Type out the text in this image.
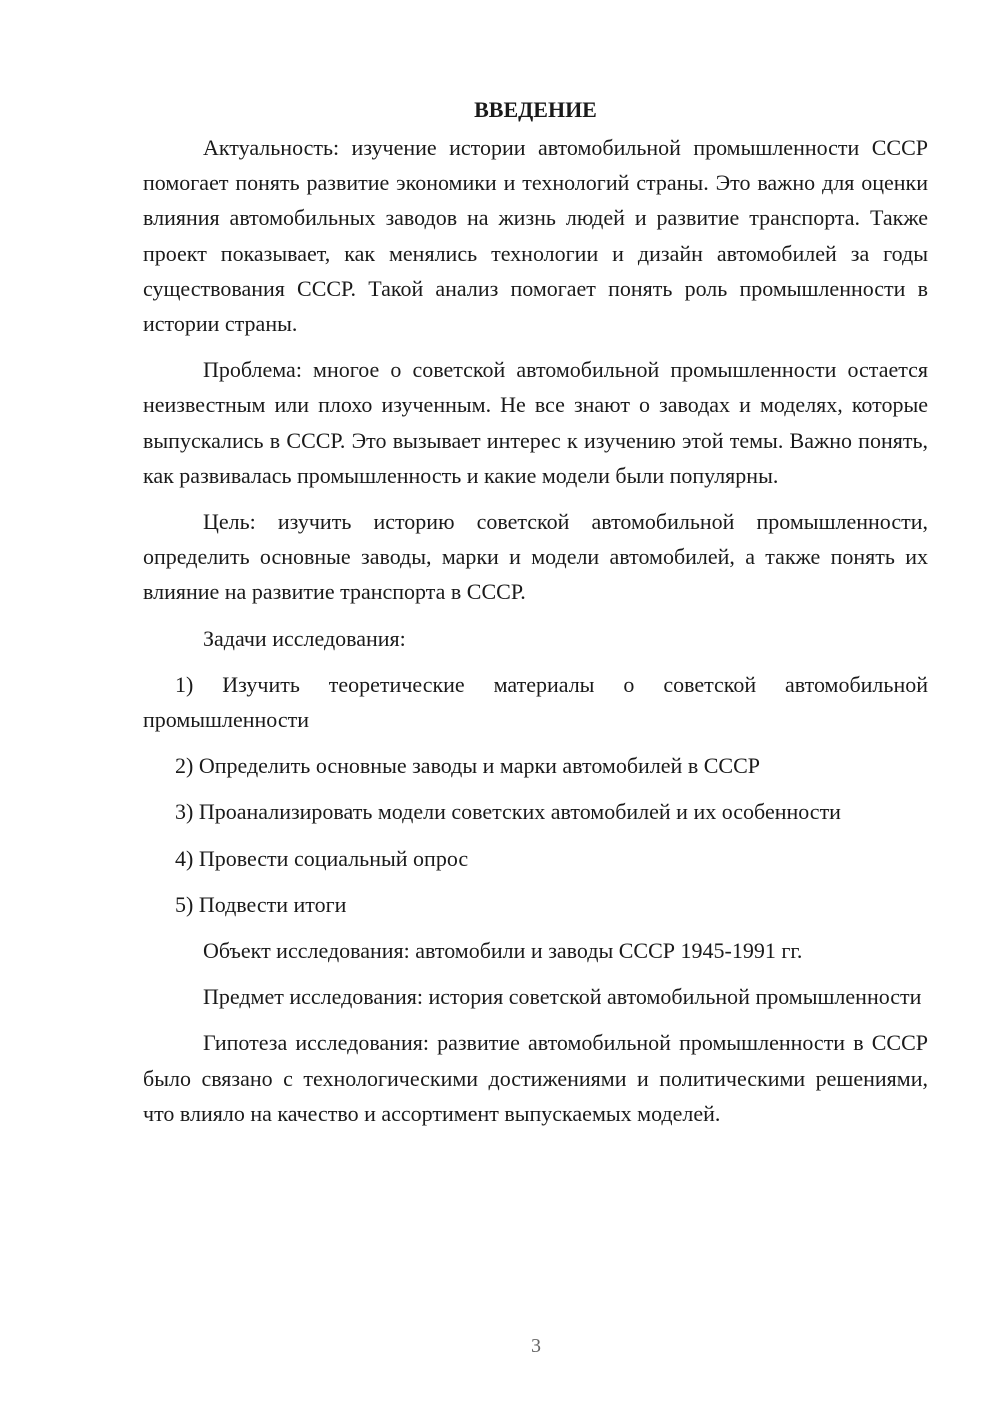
ВВЕДЕНИЕ

Актуальность: изучение истории автомобильной промышленности СССР помогает понять развитие экономики и технологий страны. Это важно для оценки влияния автомобильных заводов на жизнь людей и развитие транспорта. Также проект показывает, как менялись технологии и дизайн автомобилей за годы существования СССР. Такой анализ помогает понять роль промышленности в истории страны.

Проблема: многое о советской автомобильной промышленности остается неизвестным или плохо изученным. Не все знают о заводах и моделях, которые выпускались в СССР. Это вызывает интерес к изучению этой темы. Важно понять, как развивалась промышленность и какие модели были популярны.

Цель: изучить историю советской автомобильной промышленности, определить основные заводы, марки и модели автомобилей, а также понять их влияние на развитие транспорта в СССР.

Задачи исследования:

1) Изучить теоретические материалы о советской автомобильной промышленности

2) Определить основные заводы и марки автомобилей в СССР

3) Проанализировать модели советских автомобилей и их особенности

4) Провести социальный опрос

5) Подвести итоги

Объект исследования: автомобили и заводы СССР 1945-1991 гг.

Предмет исследования: история советской автомобильной промышленности

Гипотеза исследования: развитие автомобильной промышленности в СССР было связано с технологическими достижениями и политическими решениями, что влияло на качество и ассортимент выпускаемых моделей.

3
